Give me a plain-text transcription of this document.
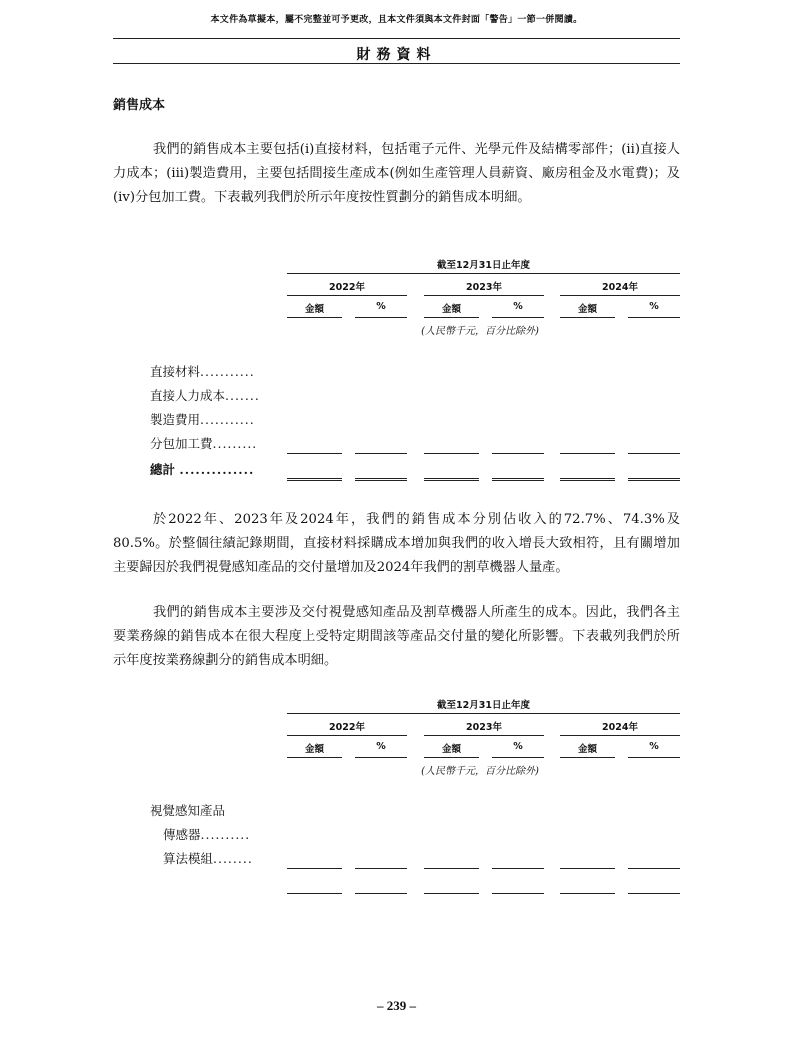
本文件為草擬本，屬不完整並可予更改，且本文件須與本文件封面「警告」一節一併閱讀。
財務資料
銷售成本

我們的銷售成本主要包括(i)直接材料，包括電子元件、光學元件及結構零部件；(ii)直接人力成本；(iii)製造費用，主要包括間接生產成本(例如生產管理人員薪資、廠房租金及水電費)；及(iv)分包加工費。下表載列我們於所示年度按性質劃分的銷售成本明細。

截至12月31日止年度
2022年	2023年	2024年
金額	%	金額	%	金額	%
(人民幣千元，百分比除外)
直接材料...........
直接人力成本.......
製造費用...........
分包加工費.........
總計 ..............

於2022年、2023年及2024年，我們的銷售成本分別佔收入的72.7%、74.3%及80.5%。於整個往績記錄期間，直接材料採購成本增加與我們的收入增長大致相符，且有關增加主要歸因於我們視覺感知產品的交付量增加及2024年我們的割草機器人量產。

我們的銷售成本主要涉及交付視覺感知產品及割草機器人所產生的成本。因此，我們各主要業務線的銷售成本在很大程度上受特定期間該等產品交付量的變化所影響。下表載列我們於所示年度按業務線劃分的銷售成本明細。

截至12月31日止年度
2022年	2023年	2024年
金額	%	金額	%	金額	%
(人民幣千元，百分比除外)
視覺感知產品
傳感器..........
算法模組........
– 239 –
